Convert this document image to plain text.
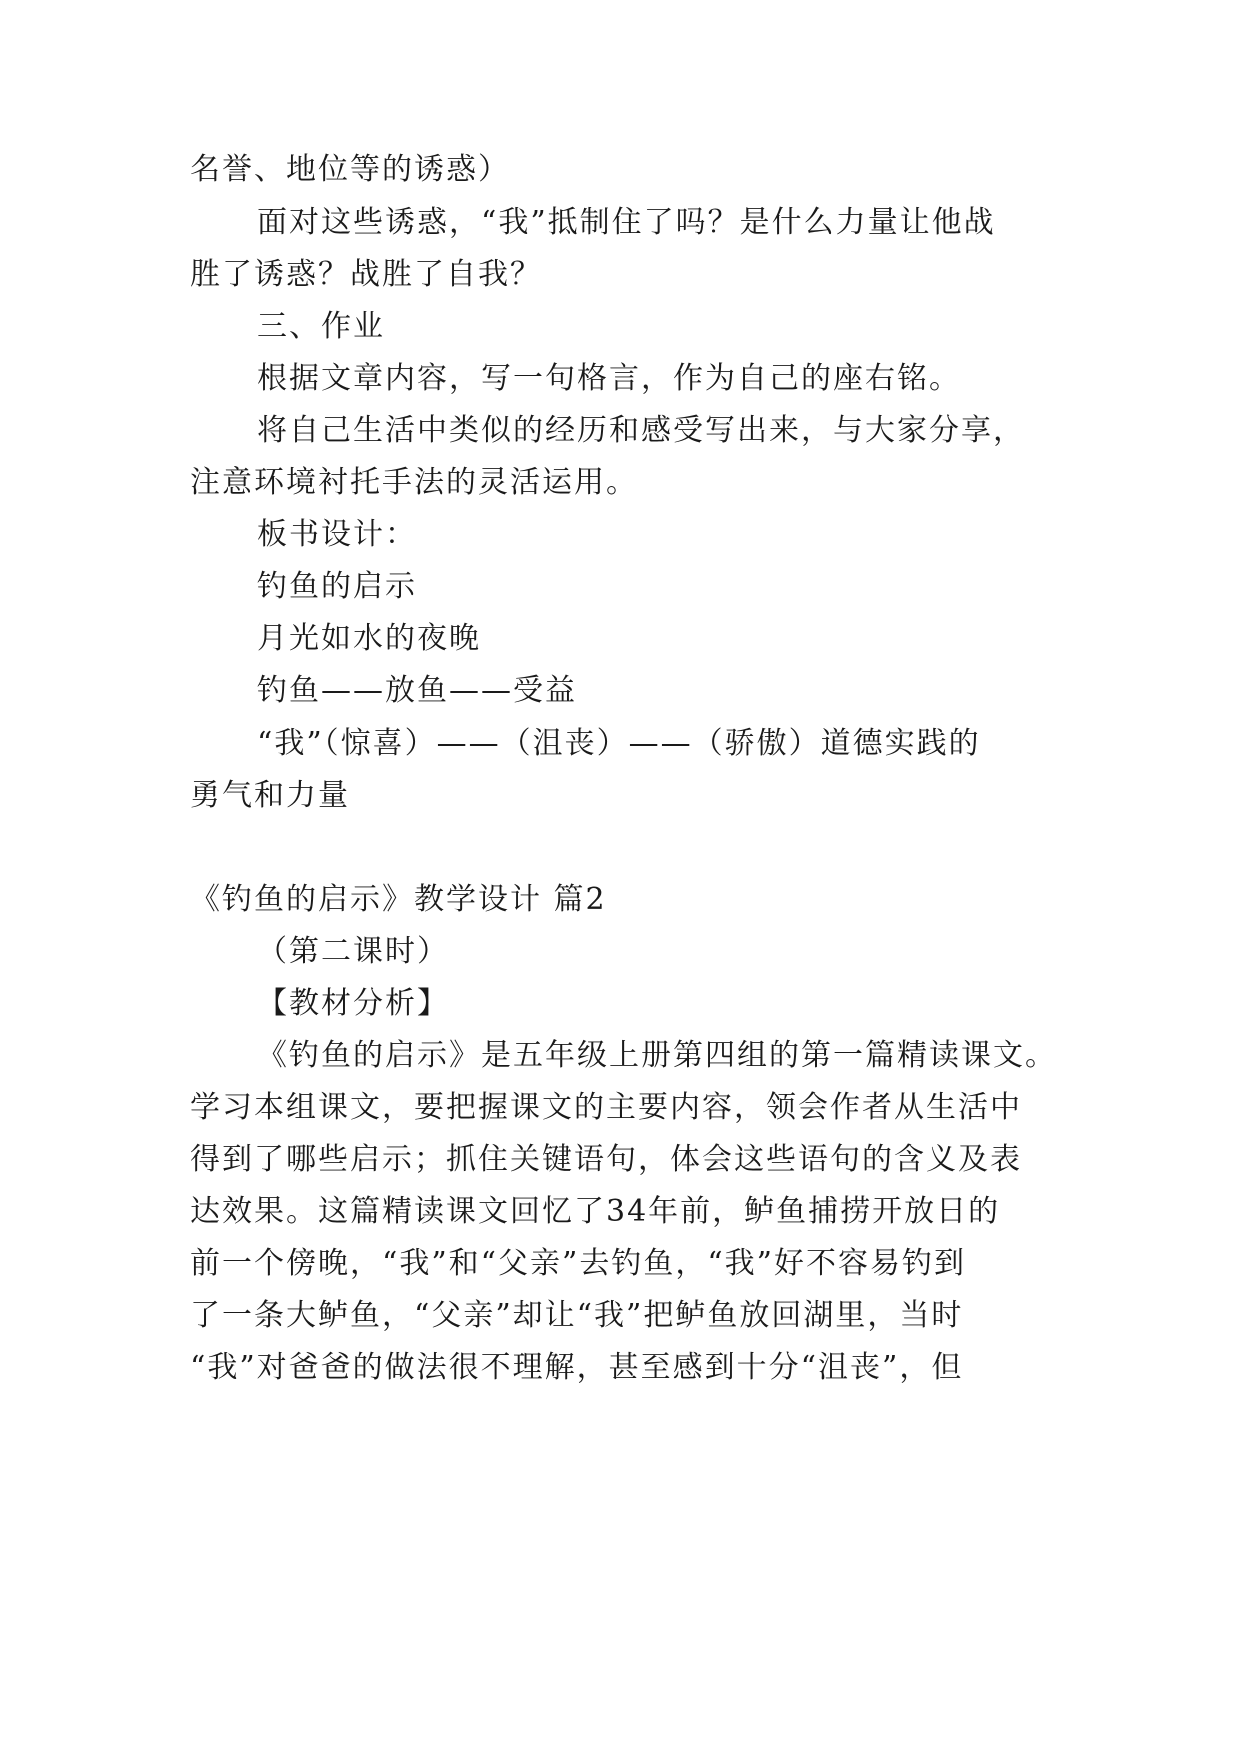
名誉、地位等的诱惑）
面对这些诱惑，“我”抵制住了吗？是什么力量让他战
胜了诱惑？战胜了自我？
三、作业
根据文章内容，写一句格言，作为自己的座右铭。
将自己生活中类似的经历和感受写出来，与大家分享，
注意环境衬托手法的灵活运用。
板书设计：
钓鱼的启示
月光如水的夜晚
钓鱼——放鱼——受益
“我”（惊喜）——（沮丧）——（骄傲）道德实践的
勇气和力量
《钓鱼的启示》教学设计 篇2
（第二课时）
【教材分析】
《钓鱼的启示》是五年级上册第四组的第一篇精读课文。
学习本组课文，要把握课文的主要内容，领会作者从生活中
得到了哪些启示；抓住关键语句，体会这些语句的含义及表
达效果。这篇精读课文回忆了34年前，鲈鱼捕捞开放日的
前一个傍晚，“我”和“父亲”去钓鱼，“我”好不容易钓到
了一条大鲈鱼，“父亲”却让“我”把鲈鱼放回湖里，当时
“我”对爸爸的做法很不理解，甚至感到十分“沮丧”，但
